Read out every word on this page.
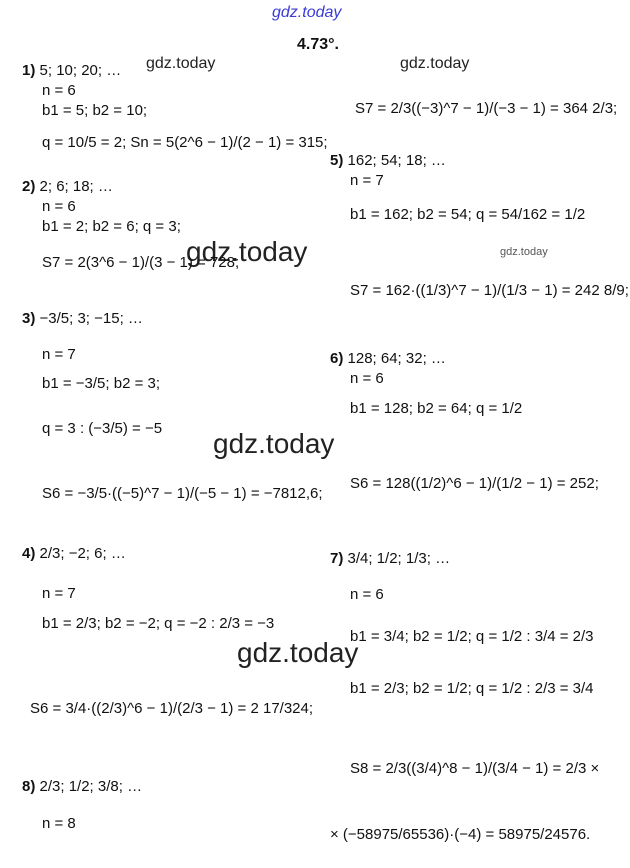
gdz.today
gdz.today	gdz.today
gdz.today	gdz.today
gdz.today
gdz.today
4.73°.
1) 5; 10; 20; …
n = 6
b1 = 5; b2 = 10;
q = 10/5 = 2; Sn = 5(2^6 − 1)/(2 − 1) = 315;
2) 2; 6; 18; …
n = 6
b1 = 2; b2 = 6; q = 3;
S7 = 2(3^6 − 1)/(3 − 1) = 728;
3) −3/5; 3; −15; …
n = 7
b1 = −3/5; b2 = 3;
q = 3 : (−3/5) = −5
S6 = −3/5·((−5)^7 − 1)/(−5 − 1) = −7812,6;
4) 2/3; −2; 6; …
n = 7
b1 = 2/3; b2 = −2; q = −2 : 2/3 = −3
S6 = 3/4·((2/3)^6 − 1)/(2/3 − 1) = 2 17/324;
8) 2/3; 1/2; 3/8; …
n = 8
S7 = 2/3((−3)^7 − 1)/(−3 − 1) = 364 2/3;
5) 162; 54; 18; …
n = 7
b1 = 162; b2 = 54; q = 54/162 = 1/2
S7 = 162·((1/3)^7 − 1)/(1/3 − 1) = 242 8/9;
6) 128; 64; 32; …
n = 6
b1 = 128; b2 = 64; q = 1/2
S6 = 128((1/2)^6 − 1)/(1/2 − 1) = 252;
7) 3/4; 1/2; 1/3; …
n = 6
b1 = 3/4; b2 = 1/2; q = 1/2 : 3/4 = 2/3
b1 = 2/3; b2 = 1/2; q = 1/2 : 2/3 = 3/4
S8 = 2/3((3/4)^8 − 1)/(3/4 − 1) = 2/3 ×
× (−58975/65536)·(−4) = 58975/24576.
